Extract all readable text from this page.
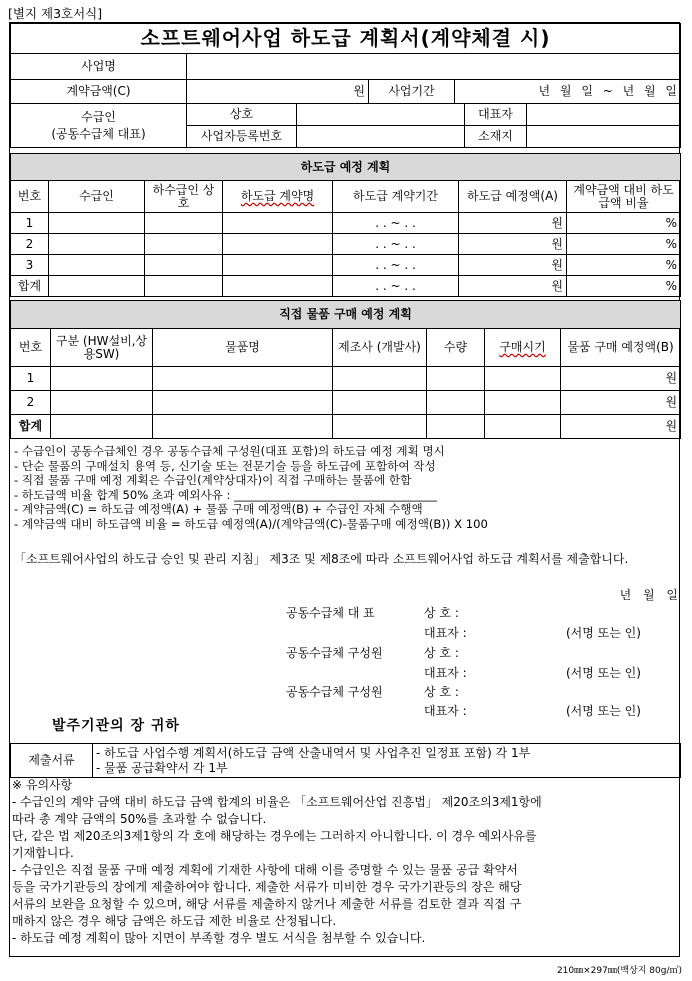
[별지 제3호서식]
소프트웨어사업 하도급 계획서(계약체결 시)						
사업명						
계약금액(C)	원		사업기간	년 월 일 ~ 년 월 일		

수급인
(공동수급체 대표)	상호				대표자	
	사업자등록번호				소재지	
하도급 예정 계획						
번호	수급인	하수급인 상호	하도급 계약명	하도급 계약기간	하도급 예정액(A)	계약금액 대비 하도급액 비율
1				. . ~ . .	원	%
2				. . ~ . .	원	%
3				. . ~ . .	원	%
합계				. . ~ . .	원	%
직접 물품 구매 예정 계획						
번호	구분 (HW설비,상용SW)	물품명	제조사 (개발사)	수량	구매시기	물품 구매 예정액(B)
1						원
2						원
합계						원
- 수급인이 공동수급체인 경우 공동수급체 구성원(대표 포함)의 하도급 예정 계획 명시
- 단순 물품의 구매설치 용역 등, 신기술 또는 전문기술 등을 하도급에 포함하여 작성
- 직접 물품 구매 예정 계획은 수급인(계약상대자)이 직접 구매하는 물품에 한함
- 하도급액 비율 합계 50% 초과 예외사유 : ___________________________________
- 계약금액(C) = 하도급 예정액(A) + 물품 구매 예정액(B) + 수급인 자체 수행액
- 계약금액 대비 하도급액 비율 = 하도급 예정액(A)/(계약금액(C)-물품구매 예정액(B)) X 100
「소프트웨어사업의 하도급 승인 및 관리 지침」 제3조 및 제8조에 따라 소프트웨어사업 하도급 계획서를 제출합니다.
년 월 일
공동수급체 대 표	상 호 :
대표자 :	(서명 또는 인)
공동수급체 구성원	상 호 :
대표자 :	(서명 또는 인)
공동수급체 구성원	상 호 :
대표자 :	(서명 또는 인)
발주기관의 장 귀하
제출서류	
- 하도급 사업수행 계획서(하도급 금액 산출내역서 및 사업추진 일정표 포함) 각 1부
- 물품 공급확약서 각 1부
※ 유의사항
- 수급인의 계약 금액 대비 하도급 금액 합계의 비율은 「소프트웨어산업 진흥법」 제20조의3제1항에
따라 총 계약 금액의 50%를 초과할 수 없습니다.
단, 같은 법 제20조의3제1항의 각 호에 해당하는 경우에는 그러하지 아니합니다. 이 경우 예외사유를
기재합니다.
- 수급인은 직접 물품 구매 예정 계획에 기재한 사항에 대해 이를 증명할 수 있는 물품 공급 확약서
등을 국가기관등의 장에게 제출하여야 합니다. 제출한 서류가 미비한 경우 국가기관등의 장은 해당
서류의 보완을 요청할 수 있으며, 해당 서류를 제출하지 않거나 제출한 서류를 검토한 결과 직접 구
매하지 않은 경우 해당 금액은 하도급 제한 비율로 산정됩니다.
- 하도급 예정 계획이 많아 지면이 부족할 경우 별도 서식을 첨부할 수 있습니다.
210㎜×297㎜(백상지 80g/㎡)
